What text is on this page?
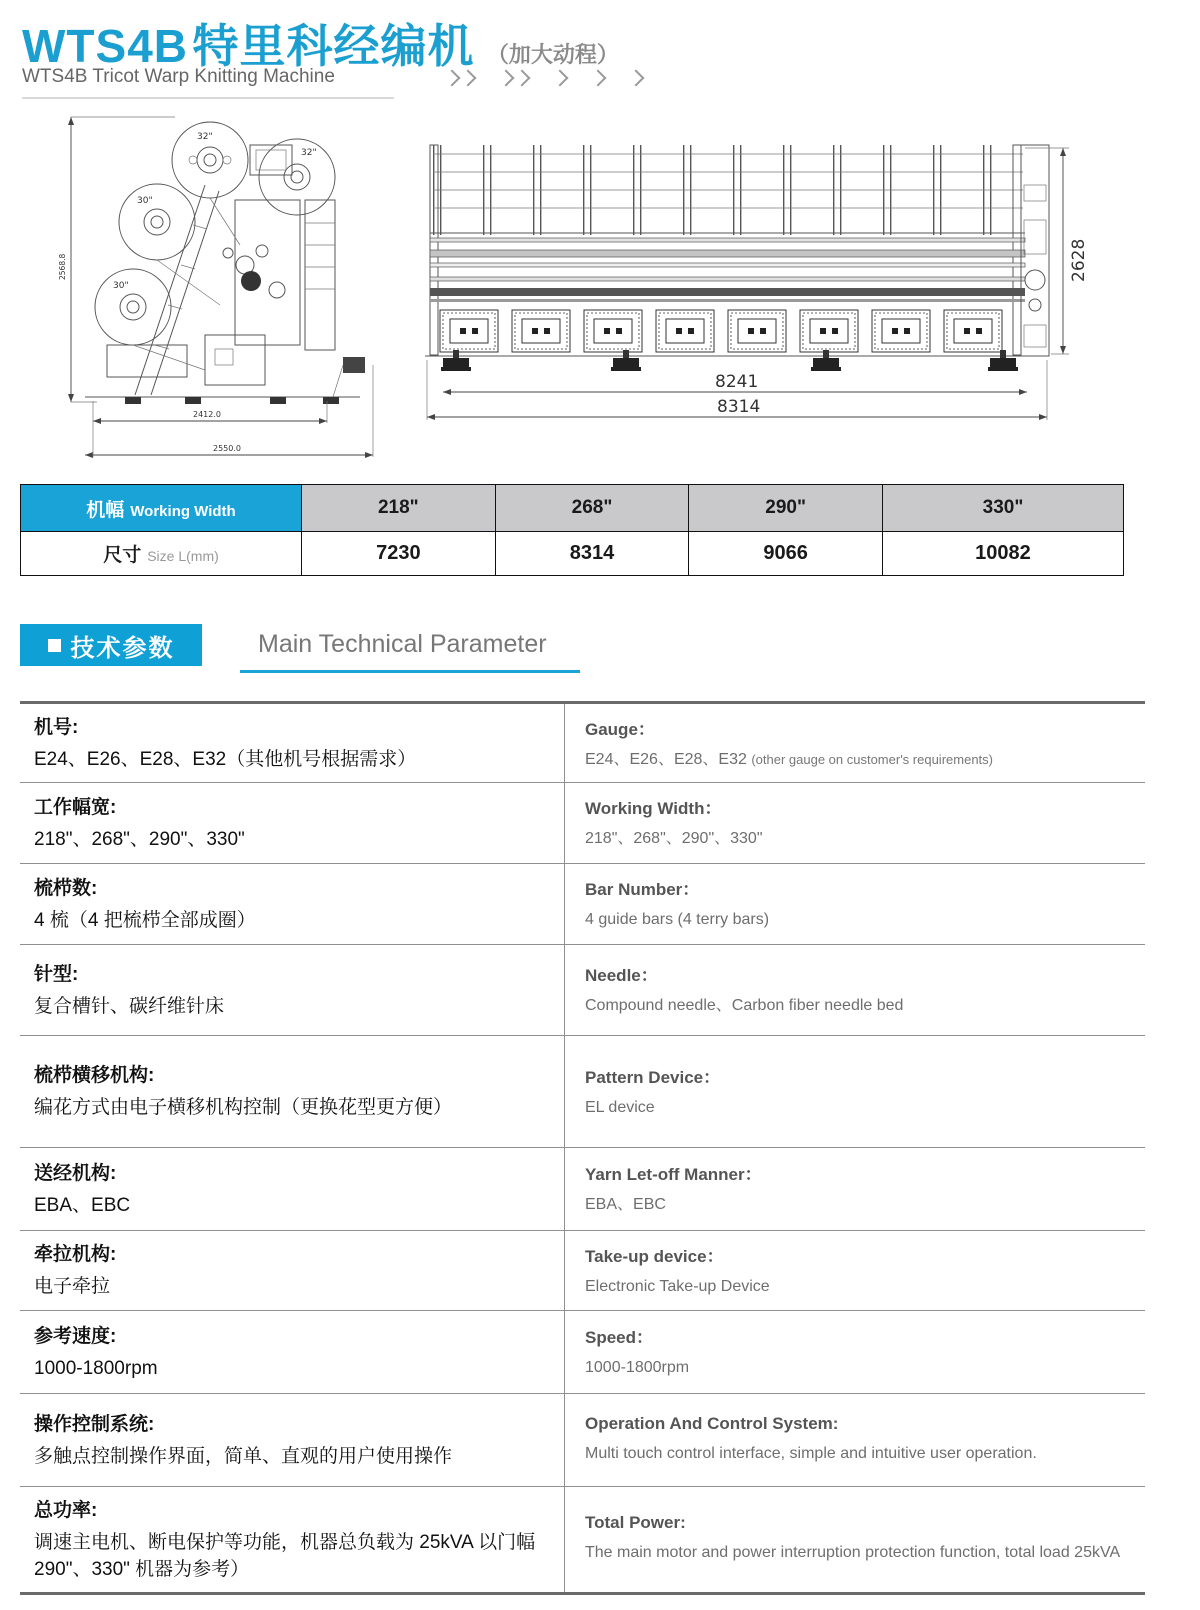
WTS4B 特里科经编机 （加大动程）
WTS4B Tricot Warp Knitting Machine
2568.8
32"
32"
30"
30"
2412.0
2550.0
8241
8314
2628
机幅 Working Width	218"	268"	290"	330"
尺寸 Size L(mm)	7230	8314	9066	10082
技术参数	Main Technical Parameter
机号:
E24、E26、E28、E32（其他机号根据需求）
Gauge：
E24、E26、E28、E32 (other gauge on customer's requirements)
工作幅宽:
218"、268"、290"、330"
Working Width：
218"、268"、290"、330"
梳栉数:
4 梳（4 把梳栉全部成圈）
Bar Number：
4 guide bars (4 terry bars)
针型:
复合槽针、碳纤维针床
Needle：
Compound needle、Carbon fiber needle bed
梳栉横移机构:
编花方式由电子横移机构控制（更换花型更方便）
Pattern Device：
EL device
送经机构:
EBA、EBC
Yarn Let-off Manner：
EBA、EBC
牵拉机构:
电子牵拉
Take-up device：
Electronic Take-up Device
参考速度:
1000-1800rpm
Speed：
1000-1800rpm
操作控制系统:
多触点控制操作界面，简单、直观的用户使用操作
Operation And Control System:
Multi touch control interface, simple and intuitive user operation.
总功率:
调速主电机、断电保护等功能，机器总负载为 25kVA 以门幅 290"、330" 机器为参考）
Total Power:
The main motor and power interruption protection function, total load 25kVA
